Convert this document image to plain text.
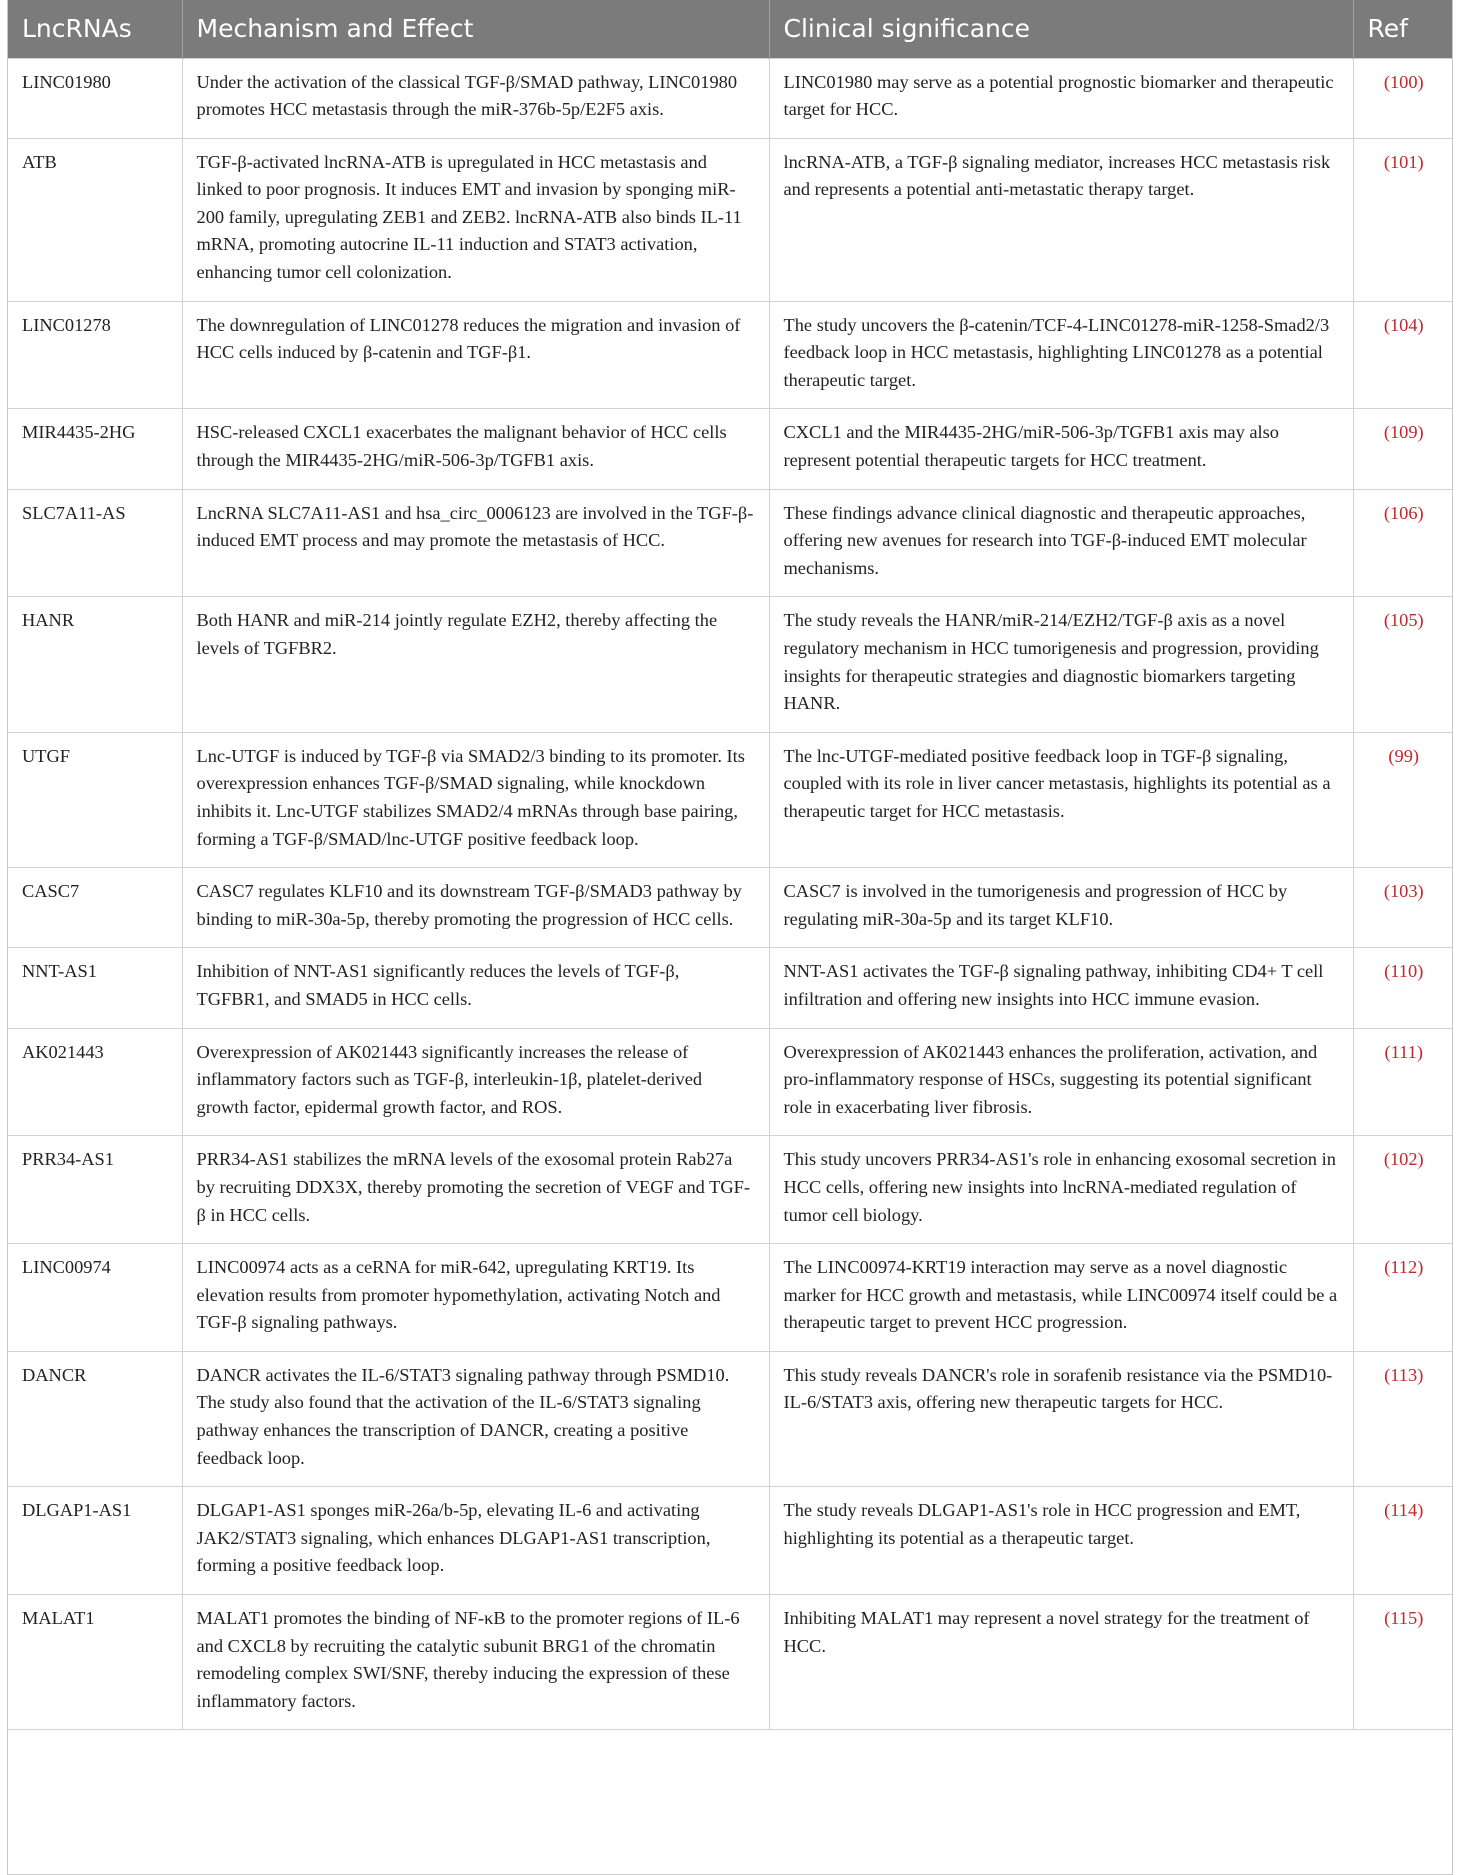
LncRNAs	Mechanism and Effect	Clinical significance	Ref
LINC01980	Under the activation of the classical TGF-β/SMAD pathway, LINC01980 promotes HCC metastasis through the miR-376b-5p/E2F5 axis.	LINC01980 may serve as a potential prognostic biomarker and therapeutic target for HCC.	(100)
ATB	TGF-β-activated lncRNA-ATB is upregulated in HCC metastasis and linked to poor prognosis. It induces EMT and invasion by sponging miR-200 family, upregulating ZEB1 and ZEB2. lncRNA-ATB also binds IL-11 mRNA, promoting autocrine IL-11 induction and STAT3 activation, enhancing tumor cell colonization.	lncRNA-ATB, a TGF-β signaling mediator, increases HCC metastasis risk and represents a potential anti-metastatic therapy target.	(101)
LINC01278	The downregulation of LINC01278 reduces the migration and invasion of HCC cells induced by β-catenin and TGF-β1.	The study uncovers the β-catenin/TCF-4-LINC01278-miR-1258-Smad2/3 feedback loop in HCC metastasis, highlighting LINC01278 as a potential therapeutic target.	(104)
MIR4435-2HG	HSC-released CXCL1 exacerbates the malignant behavior of HCC cells through the MIR4435-2HG/miR-506-3p/TGFB1 axis.	CXCL1 and the MIR4435-2HG/miR-506-3p/TGFB1 axis may also represent potential therapeutic targets for HCC treatment.	(109)
SLC7A11-AS	LncRNA SLC7A11-AS1 and hsa_circ_0006123 are involved in the TGF-β-induced EMT process and may promote the metastasis of HCC.	These findings advance clinical diagnostic and therapeutic approaches, offering new avenues for research into TGF-β-induced EMT molecular mechanisms.	(106)
HANR	Both HANR and miR-214 jointly regulate EZH2, thereby affecting the levels of TGFBR2.	The study reveals the HANR/miR-214/EZH2/TGF-β axis as a novel regulatory mechanism in HCC tumorigenesis and progression, providing insights for therapeutic strategies and diagnostic biomarkers targeting HANR.	(105)
UTGF	Lnc-UTGF is induced by TGF-β via SMAD2/3 binding to its promoter. Its overexpression enhances TGF-β/SMAD signaling, while knockdown inhibits it. Lnc-UTGF stabilizes SMAD2/4 mRNAs through base pairing, forming a TGF-β/SMAD/lnc-UTGF positive feedback loop.	The lnc-UTGF-mediated positive feedback loop in TGF-β signaling, coupled with its role in liver cancer metastasis, highlights its potential as a therapeutic target for HCC metastasis.	(99)
CASC7	CASC7 regulates KLF10 and its downstream TGF-β/SMAD3 pathway by binding to miR-30a-5p, thereby promoting the progression of HCC cells.	CASC7 is involved in the tumorigenesis and progression of HCC by regulating miR-30a-5p and its target KLF10.	(103)
NNT-AS1	Inhibition of NNT-AS1 significantly reduces the levels of TGF-β, TGFBR1, and SMAD5 in HCC cells.	NNT-AS1 activates the TGF-β signaling pathway, inhibiting CD4+ T cell infiltration and offering new insights into HCC immune evasion.	(110)
AK021443	Overexpression of AK021443 significantly increases the release of inflammatory factors such as TGF-β, interleukin-1β, platelet-derived growth factor, epidermal growth factor, and ROS.	Overexpression of AK021443 enhances the proliferation, activation, and pro-inflammatory response of HSCs, suggesting its potential significant role in exacerbating liver fibrosis.	(111)
PRR34-AS1	PRR34-AS1 stabilizes the mRNA levels of the exosomal protein Rab27a by recruiting DDX3X, thereby promoting the secretion of VEGF and TGF-β in HCC cells.	This study uncovers PRR34-AS1's role in enhancing exosomal secretion in HCC cells, offering new insights into lncRNA-mediated regulation of tumor cell biology.	(102)
LINC00974	LINC00974 acts as a ceRNA for miR-642, upregulating KRT19. Its elevation results from promoter hypomethylation, activating Notch and TGF-β signaling pathways.	The LINC00974-KRT19 interaction may serve as a novel diagnostic marker for HCC growth and metastasis, while LINC00974 itself could be a therapeutic target to prevent HCC progression.	(112)
DANCR	DANCR activates the IL-6/STAT3 signaling pathway through PSMD10. The study also found that the activation of the IL-6/STAT3 signaling pathway enhances the transcription of DANCR, creating a positive feedback loop.	This study reveals DANCR's role in sorafenib resistance via the PSMD10-IL-6/STAT3 axis, offering new therapeutic targets for HCC.	(113)
DLGAP1-AS1	DLGAP1-AS1 sponges miR-26a/b-5p, elevating IL-6 and activating JAK2/STAT3 signaling, which enhances DLGAP1-AS1 transcription, forming a positive feedback loop.	The study reveals DLGAP1-AS1's role in HCC progression and EMT, highlighting its potential as a therapeutic target.	(114)
MALAT1	MALAT1 promotes the binding of NF-κB to the promoter regions of IL-6 and CXCL8 by recruiting the catalytic subunit BRG1 of the chromatin remodeling complex SWI/SNF, thereby inducing the expression of these inflammatory factors.	Inhibiting MALAT1 may represent a novel strategy for the treatment of HCC.	(115)
